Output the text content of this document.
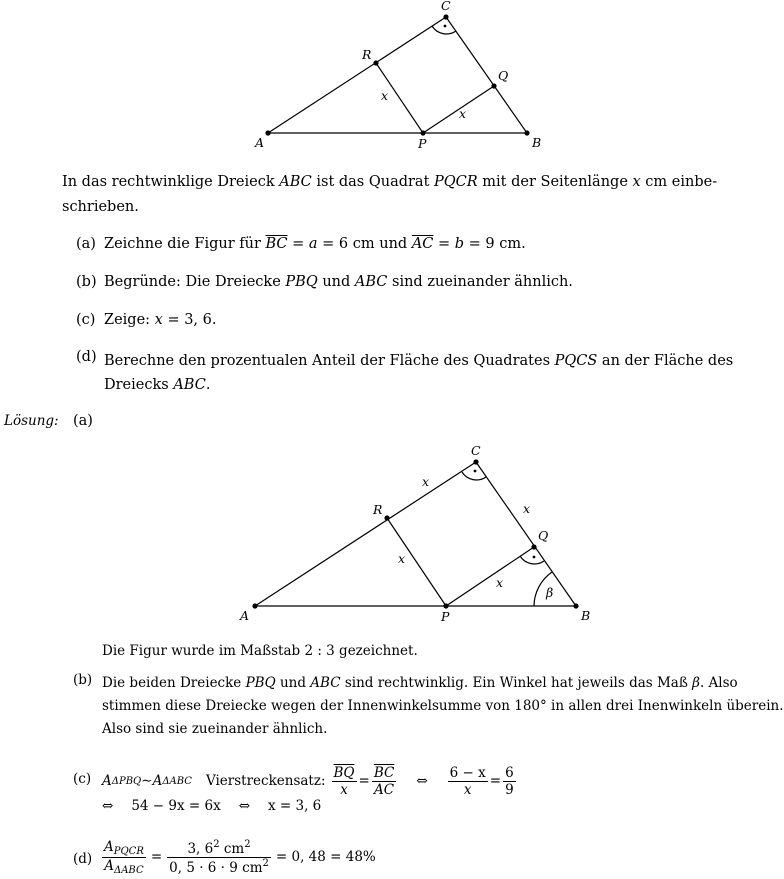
A	B
C
P
Q
R
x
x
In das rechtwinklige Dreieck ABC ist das Quadrat PQCR mit der Seitenlänge x cm einbe-
schrieben.
(a) Zeichne die Figur für $\overline{BC} = a = 6$ cm und $\overline{AC} = b = 9$ cm.
(b) Begründe: Die Dreiecke PBQ und ABC sind zueinander ähnlich.
(c) Zeige: x = 3, 6.
(d) Berechne den prozentualen Anteil der Fläche des Quadrates PQCS an der Fläche des
Dreiecks ABC.
Lösung: (a)
A	B
C
P
Q
R
x
x
x
x
β
Die Figur wurde im Maßstab 2 : 3 gezeichnet.
(b) Die beiden Dreiecke PBQ und ABC sind rechtwinklig. Ein Winkel hat jeweils das Maß β. Also
stimmen diese Dreiecke wegen der Innenwinkelsumme von 180° in allen drei Inenwinkeln überein.
Also sind sie zueinander ähnlich.
(c) A ΔPBQ ∼ A ΔABC Vierstreckensatz: $\frac{\overline{BQ}}{x} = \frac{\overline{BC}}{AC}$ ⇔ $\frac{6 - x}{x} = \frac{6}{9}$
⇔ 54 − 9x = 6x ⇔ x = 3, 6
$(d) \frac{A_{PQCR}}{A_{\Delta ABC}} = \frac{3, 6^2 cm^2}{0, 5 \cdot 6 \cdot 9 cm^2} = 0$, 48 = 48%
